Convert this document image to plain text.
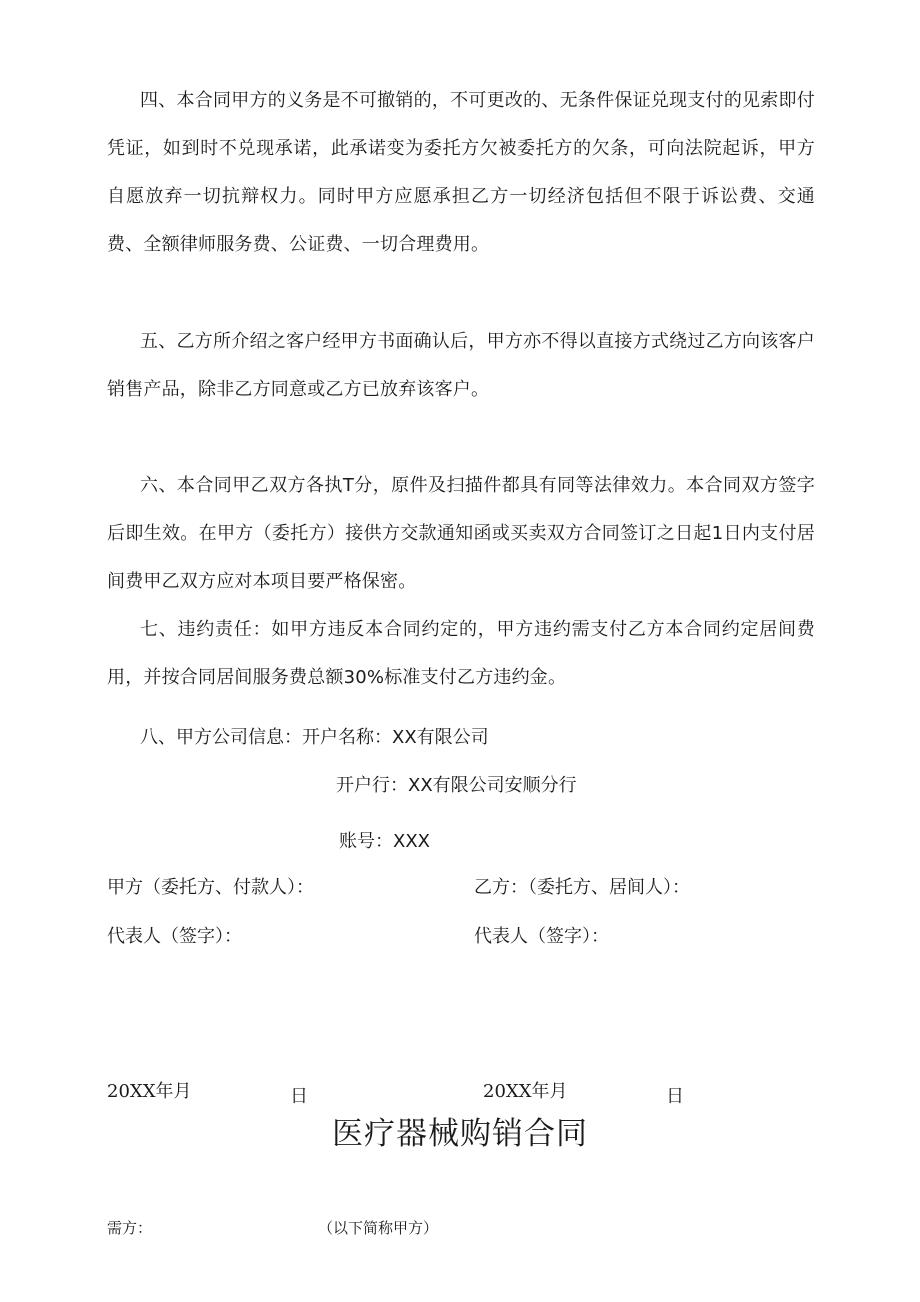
四、本合同甲方的义务是不可撤销的，不可更改的、无条件保证兑现支付的见索即付凭证，如到时不兑现承诺，此承诺变为委托方欠被委托方的欠条，可向法院起诉，甲方自愿放弃一切抗辩权力。同时甲方应愿承担乙方一切经济包括但不限于诉讼费、交通费、全额律师服务费、公证费、一切合理费用。

五、乙方所介绍之客户经甲方书面确认后，甲方亦不得以直接方式绕过乙方向该客户销售产品，除非乙方同意或乙方已放弃该客户。

六、本合同甲乙双方各执T分，原件及扫描件都具有同等法律效力。本合同双方签字后即生效。在甲方（委托方）接供方交款通知函或买卖双方合同签订之日起1日内支付居间费甲乙双方应对本项目要严格保密。

七、违约责任：如甲方违反本合同约定的，甲方违约需支付乙方本合同约定居间费用，并按合同居间服务费总额30%标准支付乙方违约金。

八、甲方公司信息：开户名称：XX有限公司
开户行：XX有限公司安顺分行
账号：XXX
甲方（委托方、付款人）：	乙方：（委托方、居间人）：
代表人（签字）：	代表人（签字）：
20XX年月	日	20XX年月	日
医疗器械购销合同
需方：	（以下简称甲方）
